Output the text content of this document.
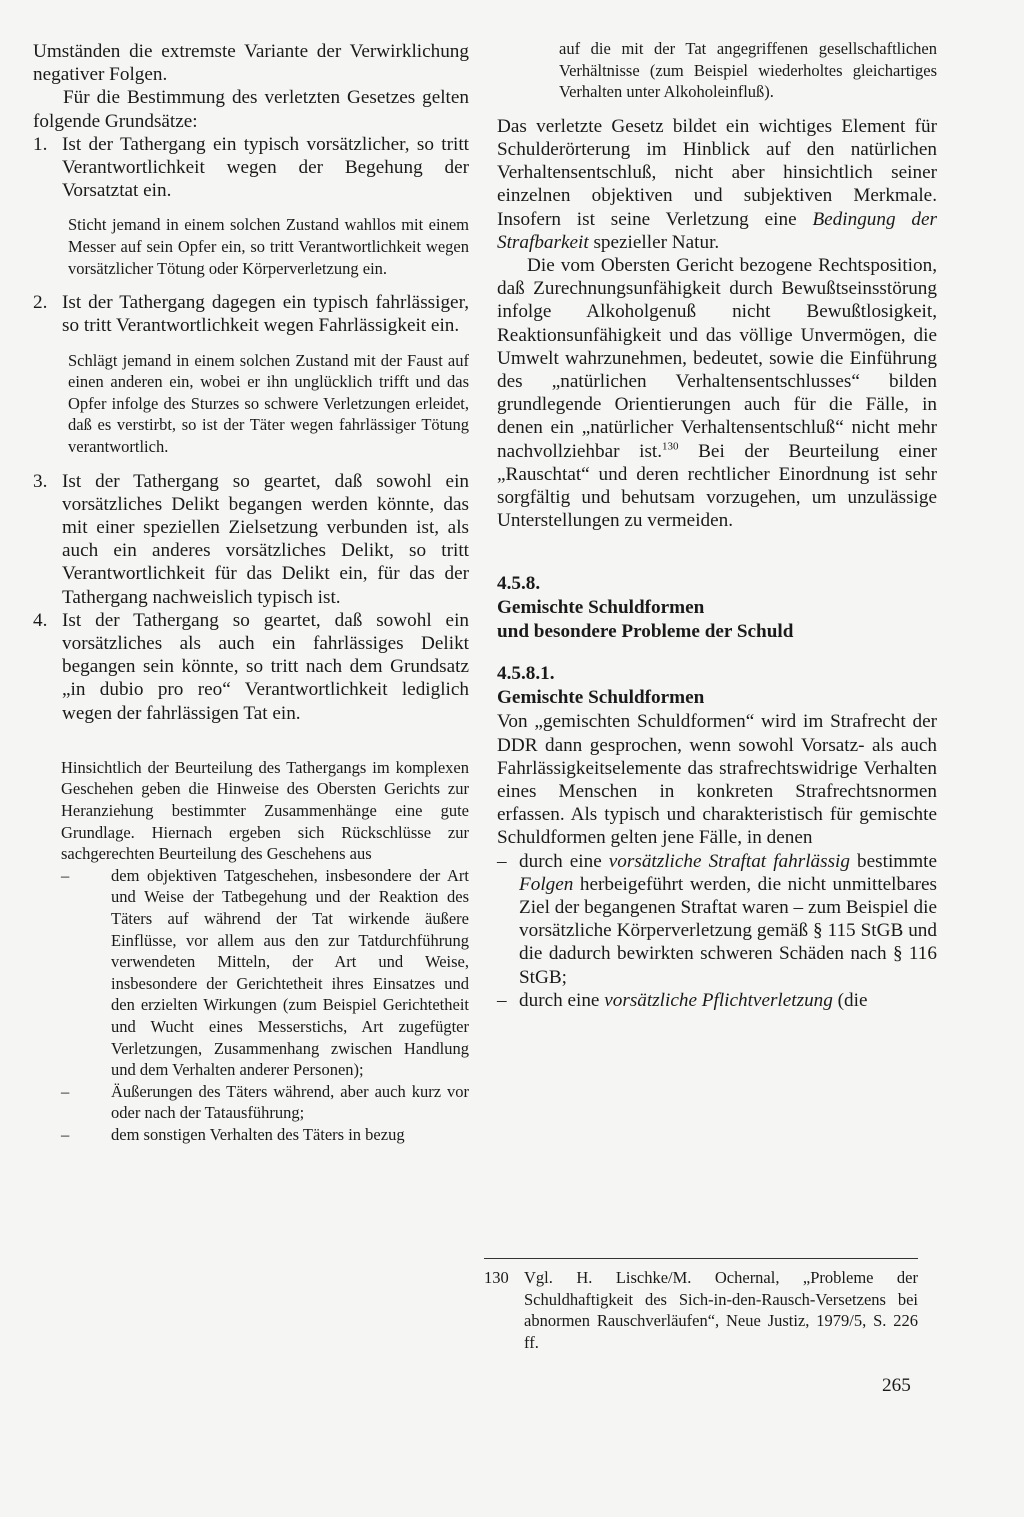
Umständen die extremste Variante der Verwirklichung negativer Folgen.

Für die Bestimmung des verletzten Gesetzes gelten folgende Grundsätze:

1. Ist der Tathergang ein typisch vorsätzlicher, so tritt Verantwortlichkeit wegen der Begehung der Vorsatztat ein.

Sticht jemand in einem solchen Zustand wahllos mit einem Messer auf sein Opfer ein, so tritt Verantwortlichkeit wegen vorsätzlicher Tötung oder Körperverletzung ein.

2. Ist der Tathergang dagegen ein typisch fahrlässiger, so tritt Verantwortlichkeit wegen Fahrlässigkeit ein.

Schlägt jemand in einem solchen Zustand mit der Faust auf einen anderen ein, wobei er ihn unglücklich trifft und das Opfer infolge des Sturzes so schwere Verletzungen erleidet, daß es verstirbt, so ist der Täter wegen fahrlässiger Tötung verantwortlich.

3. Ist der Tathergang so geartet, daß sowohl ein vorsätzliches Delikt begangen werden könnte, das mit einer speziellen Zielsetzung verbunden ist, als auch ein anderes vorsätzliches Delikt, so tritt Verantwortlichkeit für das Delikt ein, für das der Tathergang nachweislich typisch ist.

4. Ist der Tathergang so geartet, daß sowohl ein vorsätzliches als auch ein fahrlässiges Delikt begangen sein könnte, so tritt nach dem Grundsatz „in dubio pro reo“ Verantwortlichkeit lediglich wegen der fahrlässigen Tat ein.

Hinsichtlich der Beurteilung des Tathergangs im komplexen Geschehen geben die Hinweise des Obersten Gerichts zur Heranziehung bestimmter Zusammenhänge eine gute Grundlage. Hiernach ergeben sich Rückschlüsse zur sachgerechten Beurteilung des Geschehens aus

–	dem objektiven Tatgeschehen, insbesondere der Art und Weise der Tatbegehung und der Reaktion des Täters auf während der Tat wirkende äußere Einflüsse, vor allem aus den zur Tatdurchführung verwendeten Mitteln, der Art und Weise, insbesondere der Gerichtetheit ihres Einsatzes und den erzielten Wirkungen (zum Beispiel Gerichtetheit und Wucht eines Messerstichs, Art zugefügter Verletzungen, Zusammenhang zwischen Handlung und dem Verhalten anderer Personen);

–	Äußerungen des Täters während, aber auch kurz vor oder nach der Tatausführung;

–	dem sonstigen Verhalten des Täters in bezug

auf die mit der Tat angegriffenen gesellschaftlichen Verhältnisse (zum Beispiel wiederholtes gleichartiges Verhalten unter Alkoholeinfluß).

Das verletzte Gesetz bildet ein wichtiges Element für Schulderörterung im Hinblick auf den natürlichen Verhaltensentschluß, nicht aber hinsichtlich seiner einzelnen objektiven und subjektiven Merkmale. Insofern ist seine Verletzung eine Bedingung der Strafbarkeit spezieller Natur.

Die vom Obersten Gericht bezogene Rechtsposition, daß Zurechnungsunfähigkeit durch Bewußtseinsstörung infolge Alkoholgenuß nicht Bewußtlosigkeit, Reaktionsunfähigkeit und das völlige Unvermögen, die Umwelt wahrzunehmen, bedeutet, sowie die Einführung des „natürlichen Verhaltensentschlusses“ bilden grundlegende Orientierungen auch für die Fälle, in denen ein „natürlicher Verhaltensentschluß“ nicht mehr nachvollziehbar ist.$^{130}$ Bei der Beurteilung einer „Rauschtat“ und deren rechtlicher Einordnung ist sehr sorgfältig und behutsam vorzugehen, um unzulässige Unterstellungen zu vermeiden.

4.5.8.

Gemischte Schuldformen

und besondere Probleme der Schuld

4.5.8.1.

Gemischte Schuldformen

Von „gemischten Schuldformen“ wird im Strafrecht der DDR dann gesprochen, wenn sowohl Vorsatz- als auch Fahrlässigkeitselemente das strafrechtswidrige Verhalten eines Menschen in konkreten Strafrechtsnormen erfassen. Als typisch und charakteristisch für gemischte Schuldformen gelten jene Fälle, in denen

– durch eine vorsätzliche Straftat fahrlässig bestimmte Folgen herbeigeführt werden, die nicht unmittelbares Ziel der begangenen Straftat waren – zum Beispiel die vorsätzliche Körperverletzung gemäß § 115 StGB und die dadurch bewirkten schweren Schäden nach § 116 StGB;

– durch eine vorsätzliche Pflichtverletzung (die

130 Vgl. H. Lischke/M. Ochernal, „Probleme der Schuldhaftigkeit des Sich-in-den-Rausch-Versetzens bei abnormen Rauschverläufen“, Neue Justiz, 1979/5, S. 226 ff.

265
